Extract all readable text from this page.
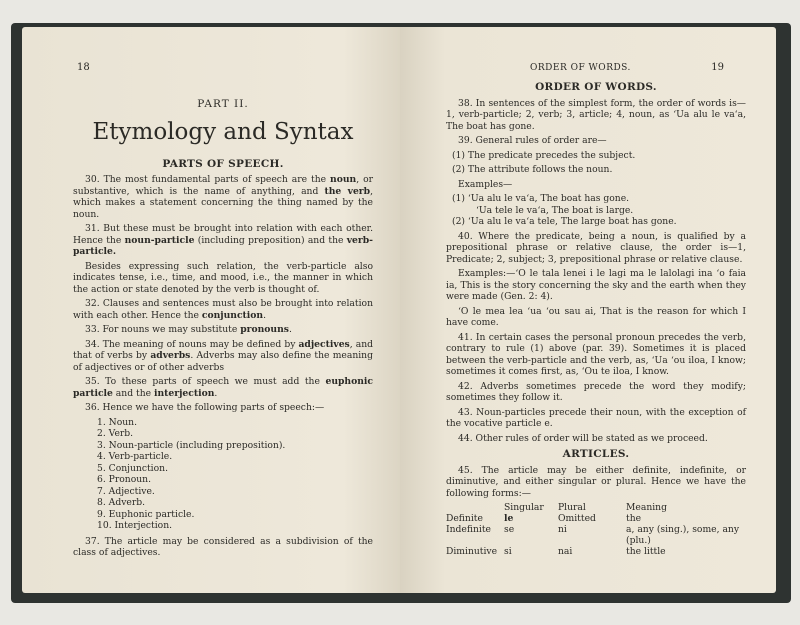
18
PART II.
Etymology and Syntax
PARTS OF SPEECH.

30. The most fundamental parts of speech are the noun, or substantive, which is the name of anything, and the verb, which makes a statement concerning the thing named by the noun.

31. But these must be brought into relation with each other. Hence the noun-particle (including preposition) and the verb-particle.

Besides expressing such relation, the verb-particle also indicates tense, i.e., time, and mood, i.e., the manner in which the action or state denoted by the verb is thought of.

32. Clauses and sentences must also be brought into relation with each other. Hence the conjunction.

33. For nouns we may substitute pronouns.

34. The meaning of nouns may be defined by adjectives, and that of verbs by adverbs. Adverbs may also define the meaning of adjectives or of other adverbs

35. To these parts of speech we must add the euphonic particle and the interjection.

36. Hence we have the following parts of speech:—

1. Noun.
2. Verb.
3. Noun-particle (including preposition).
4. Verb-particle.
5. Conjunction.
6. Pronoun.
7. Adjective.
8. Adverb.
9. Euphonic particle.
10. Interjection.

37. The article may be considered as a subdivision of the class of adjectives.

ORDER OF WORDS.	19
ORDER OF WORDS.

38. In sentences of the simplest form, the order of words is—1, verb-particle; 2, verb; 3, article; 4, noun, as ‘Ua alu le va‘a, The boat has gone.

39. General rules of order are—

(1) The predicate precedes the subject.

(2) The attribute follows the noun.

Examples—

(1) ‘Ua alu le va‘a, The boat has gone.

‘Ua tele le va‘a, The boat is large.

(2) ‘Ua alu le va‘a tele, The large boat has gone.

40. Where the predicate, being a noun, is qualified by a prepositional phrase or relative clause, the order is—1, Predicate; 2, subject; 3, prepositional phrase or relative clause.

Examples:—‘O le tala lenei i le lagi ma le lalolagi ina ‘o faia ia, This is the story concerning the sky and the earth when they were made (Gen. 2: 4).

‘O le mea lea ‘ua ‘ou sau ai, That is the reason for which I have come.

41. In certain cases the personal pronoun precedes the verb, contrary to rule (1) above (par. 39). Sometimes it is placed between the verb-particle and the verb, as, ‘Ua ‘ou iloa, I know; sometimes it comes first, as, ‘Ou te iloa, I know.

42. Adverbs sometimes precede the word they modify; sometimes they follow it.

43. Noun-particles precede their noun, with the exception of the vocative particle e.

44. Other rules of order will be stated as we proceed.

ARTICLES.

45. The article may be either definite, indefinite, or diminutive, and either singular or plural. Hence we have the following forms:—

	Singular	Plural	Meaning
Definite	le	Omitted	the
Indefinite	se	ni	a, any (sing.), some, any (plu.)
Diminutive	si	nai	the little
